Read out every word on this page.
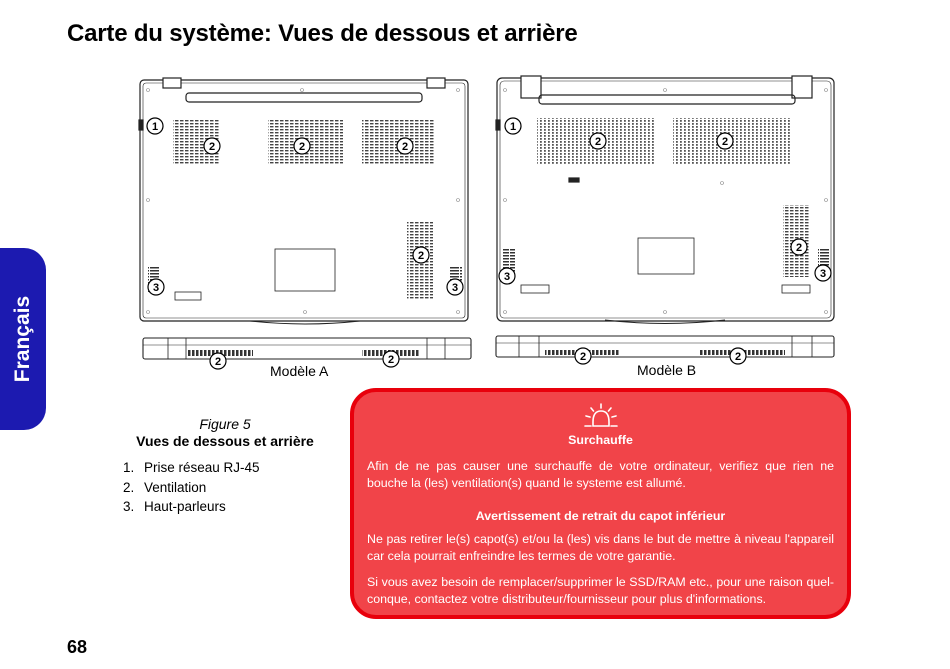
Carte du système: Vues de dessous et arrière
Français
1
2	2	2
2
3	3
2	2
1
2	2
2
3	3
2	2
Modèle A	Modèle B
Figure 5
Vues de dessous et arrière
1. Prise réseau RJ-45
2. Ventilation
3. Haut-parleurs
Surchauffe
Afin de ne pas causer une surchauffe de votre ordinateur, verifiez que rien ne bouche la (les) ventilation(s) quand le systeme est allumé.
Avertissement de retrait du capot inférieur
Ne pas retirer le(s) capot(s) et/ou la (les) vis dans le but de mettre à niveau l'appareil car cela pourrait enfreindre les termes de votre garantie.
Si vous avez besoin de remplacer/supprimer le SSD/RAM etc., pour une raison quel-conque, contactez votre distributeur/fournisseur pour plus d'informations.
68
